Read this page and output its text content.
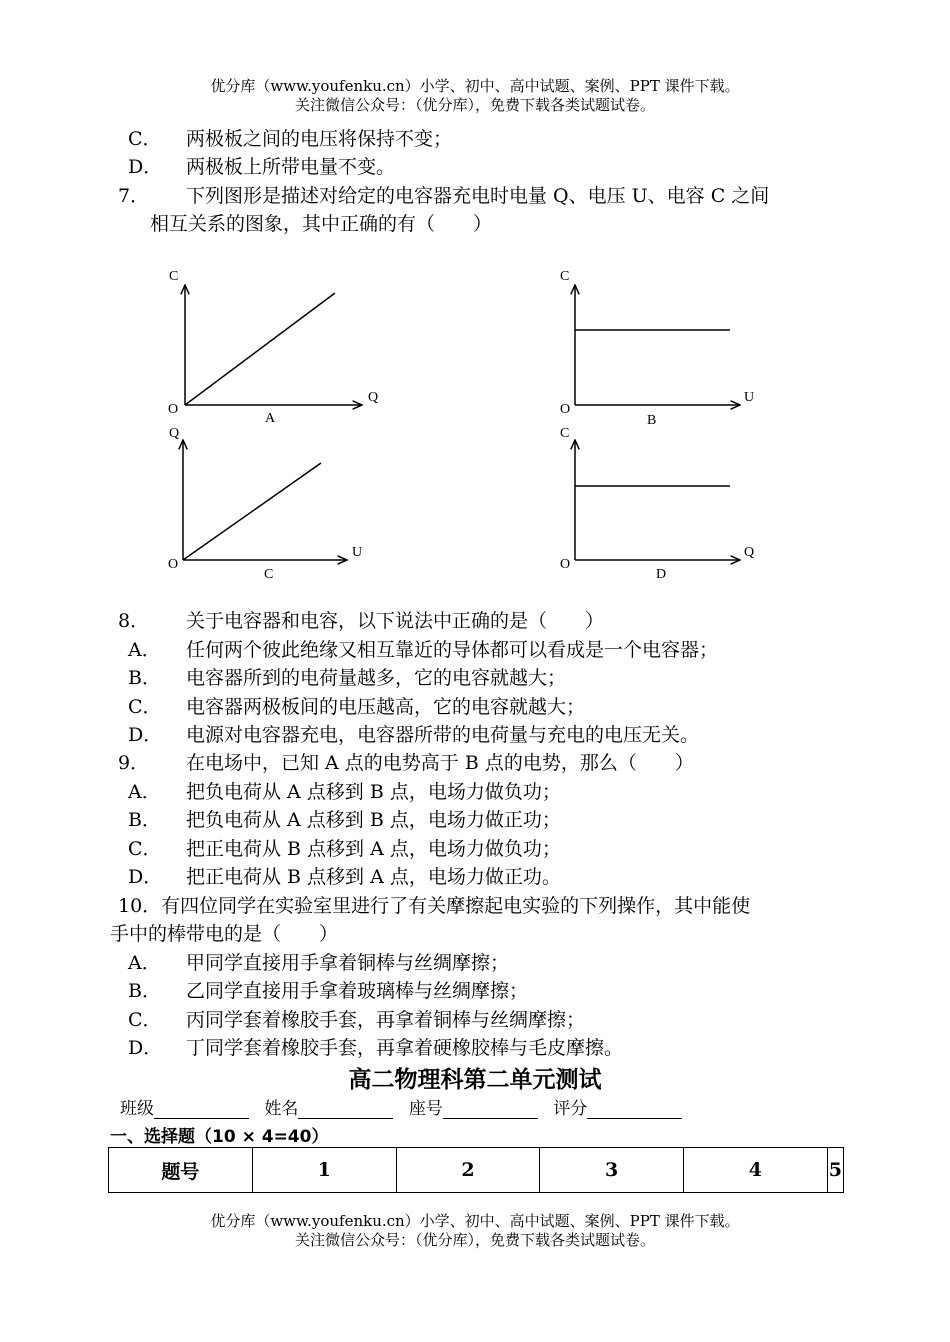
优分库（www.youfenku.cn）小学、初中、高中试题、案例、PPT 课件下载。
关注微信公众号：（优分库），免费下载各类试题试卷。
C． 两极板之间的电压将保持不变；
D． 两极板上所带电量不变。
7． 下列图形是描述对给定的电容器充电时电量 Q、电压 U、电容 C 之间
相互关系的图象，其中正确的有（　　）
C
Q
O
A
C
U
O
B
Q
U
O
C
C
Q
O
D
8． 关于电容器和电容，以下说法中正确的是（　　）
A． 任何两个彼此绝缘又相互靠近的导体都可以看成是一个电容器；
B． 电容器所到的电荷量越多，它的电容就越大；
C． 电容器两极板间的电压越高，它的电容就越大；
D． 电源对电容器充电，电容器所带的电荷量与充电的电压无关。
9． 在电场中，已知 A 点的电势高于 B 点的电势，那么（　　）
A． 把负电荷从 A 点移到 B 点，电场力做负功；
B． 把负电荷从 A 点移到 B 点，电场力做正功；
C． 把正电荷从 B 点移到 A 点，电场力做负功；
D． 把正电荷从 B 点移到 A 点，电场力做正功。
10．有四位同学在实验室里进行了有关摩擦起电实验的下列操作，其中能使
手中的棒带电的是（　　）
A． 甲同学直接用手拿着铜棒与丝绸摩擦；
B． 乙同学直接用手拿着玻璃棒与丝绸摩擦；
C． 丙同学套着橡胶手套，再拿着铜棒与丝绸摩擦；
D． 丁同学套着橡胶手套，再拿着硬橡胶棒与毛皮摩擦。
高二物理科第二单元测试
班级	姓名	座号	评分
一、选择题（10 × 4=40）
题号	1	2	3	4	5
优分库（www.youfenku.cn）小学、初中、高中试题、案例、PPT 课件下载。
关注微信公众号：（优分库），免费下载各类试题试卷。
